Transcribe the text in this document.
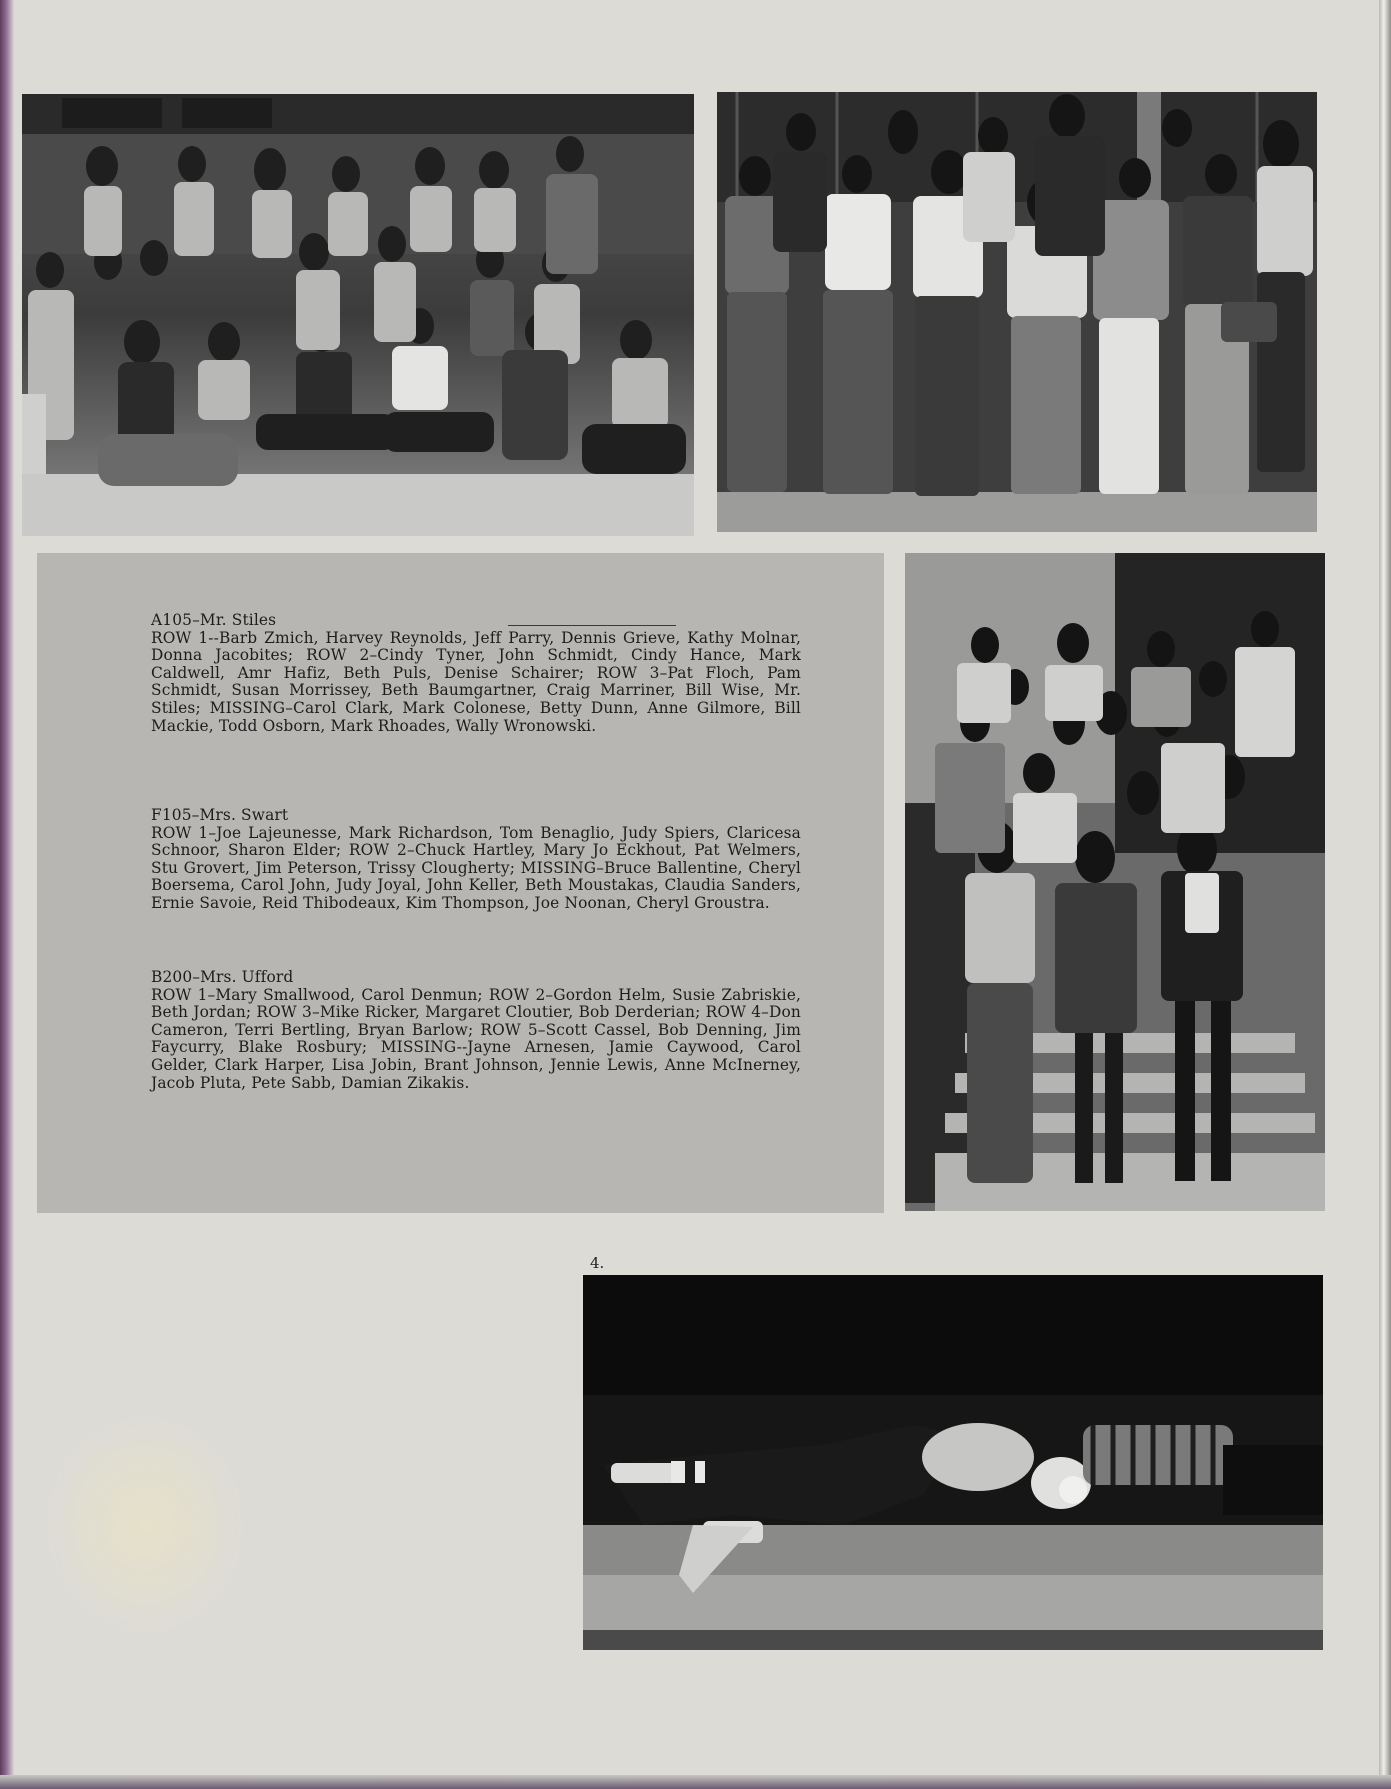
A105–Mr. Stiles
ROW 1--Barb Zmich, Harvey Reynolds, Jeff Parry, Dennis Grieve, Kathy Molnar, Donna Jacobites; ROW 2–Cindy Tyner, John Schmidt, Cindy Hance, Mark Caldwell, Amr Hafiz, Beth Puls, Denise Schairer; ROW 3–Pat Floch, Pam Schmidt, Susan Morrissey, Beth Baumgartner, Craig Marriner, Bill Wise, Mr. Stiles; MISSING–Carol Clark, Mark Colonese, Betty Dunn, Anne Gilmore, Bill Mackie, Todd Osborn, Mark Rhoades, Wally Wronowski.
F105–Mrs. Swart
ROW 1–Joe Lajeunesse, Mark Richardson, Tom Benaglio, Judy Spiers, Claricesa Schnoor, Sharon Elder; ROW 2–Chuck Hartley, Mary Jo Eckhout, Pat Welmers, Stu Grovert, Jim Peterson, Trissy Clougherty; MISSING–Bruce Ballentine, Cheryl Boersema, Carol John, Judy Joyal, John Keller, Beth Moustakas, Claudia Sanders, Ernie Savoie, Reid Thibodeaux, Kim Thompson, Joe Noonan, Cheryl Groustra.
B200–Mrs. Ufford
ROW 1–Mary Smallwood, Carol Denmun; ROW 2–Gordon Helm, Susie Zabriskie, Beth Jordan; ROW 3–Mike Ricker, Margaret Cloutier, Bob Derderian; ROW 4–Don Cameron, Terri Bertling, Bryan Barlow; ROW 5–Scott Cassel, Bob Denning, Jim Faycurry, Blake Rosbury; MISSING--Jayne Arnesen, Jamie Caywood, Carol Gelder, Clark Harper, Lisa Jobin, Brant Johnson, Jennie Lewis, Anne McInerney, Jacob Pluta, Pete Sabb, Damian Zikakis.
4.
